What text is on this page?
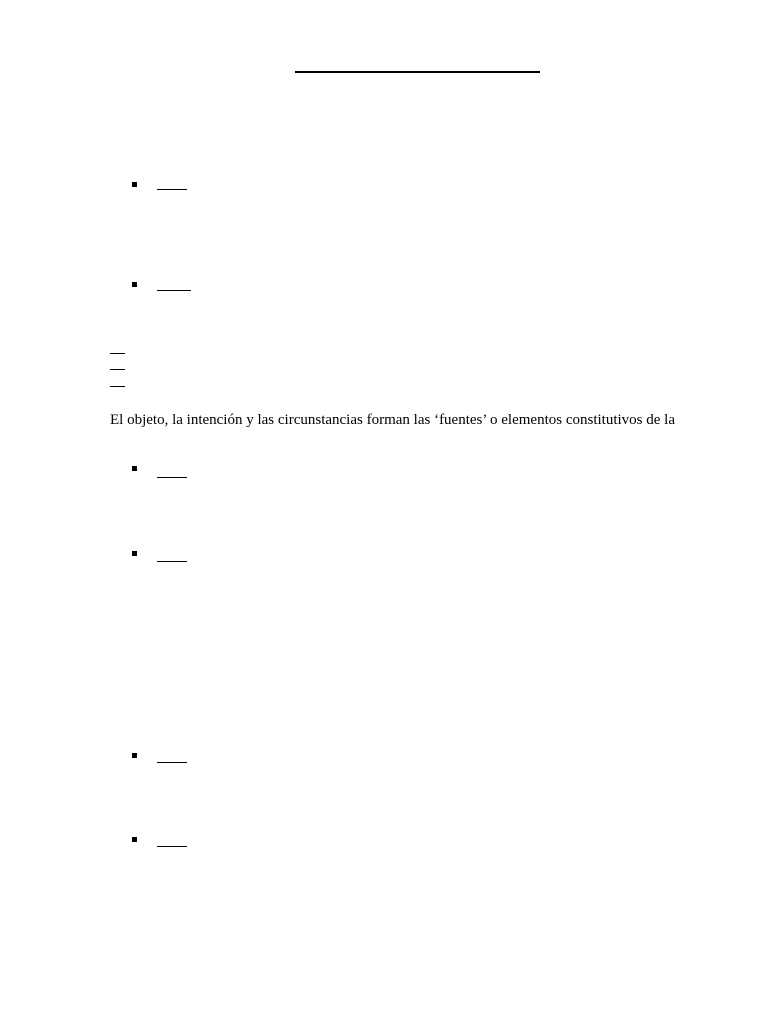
El objeto, la intención y las circunstancias forman las ‘fuentes’ o elementos constitutivos de la
